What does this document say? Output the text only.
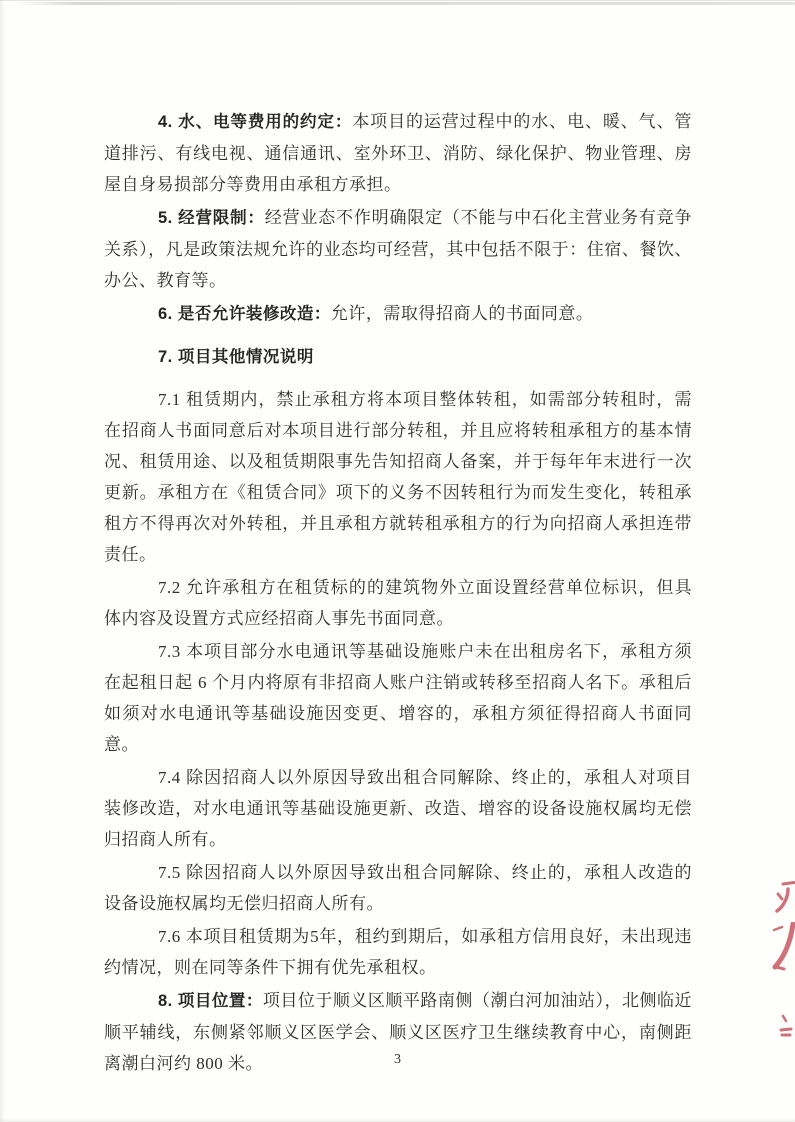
4. 水、电等费用的约定：本项目的运营过程中的水、电、暖、气、管道排污、有线电视、通信通讯、室外环卫、消防、绿化保护、物业管理、房屋自身易损部分等费用由承租方承担。

5. 经营限制：经营业态不作明确限定（不能与中石化主营业务有竞争关系），凡是政策法规允许的业态均可经营，其中包括不限于：住宿、餐饮、办公、教育等。

6. 是否允许装修改造：允许，需取得招商人的书面同意。

7. 项目其他情况说明

7.1 租赁期内，禁止承租方将本项目整体转租，如需部分转租时，需在招商人书面同意后对本项目进行部分转租，并且应将转租承租方的基本情况、租赁用途、以及租赁期限事先告知招商人备案，并于每年年末进行一次更新。承租方在《租赁合同》项下的义务不因转租行为而发生变化，转租承租方不得再次对外转租，并且承租方就转租承租方的行为向招商人承担连带责任。

7.2 允许承租方在租赁标的的建筑物外立面设置经营单位标识，但具体内容及设置方式应经招商人事先书面同意。

7.3 本项目部分水电通讯等基础设施账户未在出租房名下，承租方须在起租日起 6 个月内将原有非招商人账户注销或转移至招商人名下。承租后如须对水电通讯等基础设施因变更、增容的，承租方须征得招商人书面同意。

7.4 除因招商人以外原因导致出租合同解除、终止的，承租人对项目装修改造，对水电通讯等基础设施更新、改造、增容的设备设施权属均无偿归招商人所有。

7.5 除因招商人以外原因导致出租合同解除、终止的，承租人改造的设备设施权属均无偿归招商人所有。

7.6 本项目租赁期为5年，租约到期后，如承租方信用良好，未出现违约情况，则在同等条件下拥有优先承租权。

8. 项目位置：项目位于顺义区顺平路南侧（潮白河加油站），北侧临近顺平辅线，东侧紧邻顺义区医学会、顺义区医疗卫生继续教育中心，南侧距离潮白河约 800 米。	3
